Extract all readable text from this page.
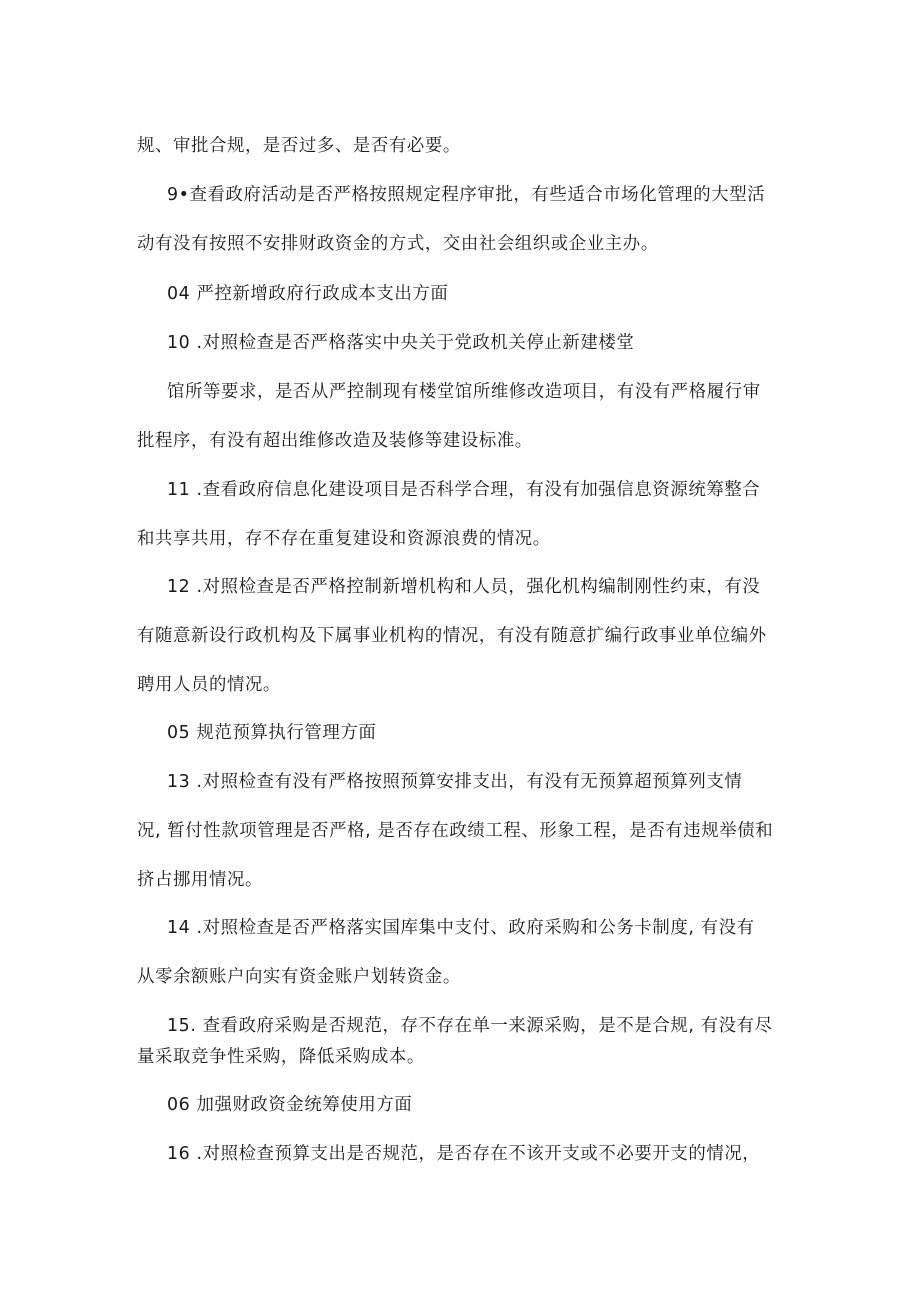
规、审批合规，是否过多、是否有必要。
9•查看政府活动是否严格按照规定程序审批，有些适合市场化管理的大型活
动有没有按照不安排财政资金的方式，交由社会组织或企业主办。
04 严控新增政府行政成本支出方面
10 .对照检查是否严格落实中央关于党政机关停止新建楼堂
馆所等要求，是否从严控制现有楼堂馆所维修改造项目，有没有严格履行审
批程序，有没有超出维修改造及装修等建设标准。
11 .查看政府信息化建设项目是否科学合理，有没有加强信息资源统筹整合
和共享共用，存不存在重复建设和资源浪费的情况。
12 .对照检查是否严格控制新增机构和人员，强化机构编制刚性约束，有没
有随意新设行政机构及下属事业机构的情况，有没有随意扩编行政事业单位编外
聘用人员的情况。
05 规范预算执行管理方面
13 .对照检查有没有严格按照预算安排支出，有没有无预算超预算列支情
况, 暂付性款项管理是否严格, 是否存在政绩工程、形象工程，是否有违规举债和
挤占挪用情况。
14 .对照检查是否严格落实国库集中支付、政府采购和公务卡制度, 有没有
从零余额账户向实有资金账户划转资金。
15. 查看政府采购是否规范，存不存在单一来源采购，是不是合规, 有没有尽
量采取竞争性采购，降低采购成本。
06 加强财政资金统筹使用方面
16 .对照检查预算支出是否规范，是否存在不该开支或不必要开支的情况，
